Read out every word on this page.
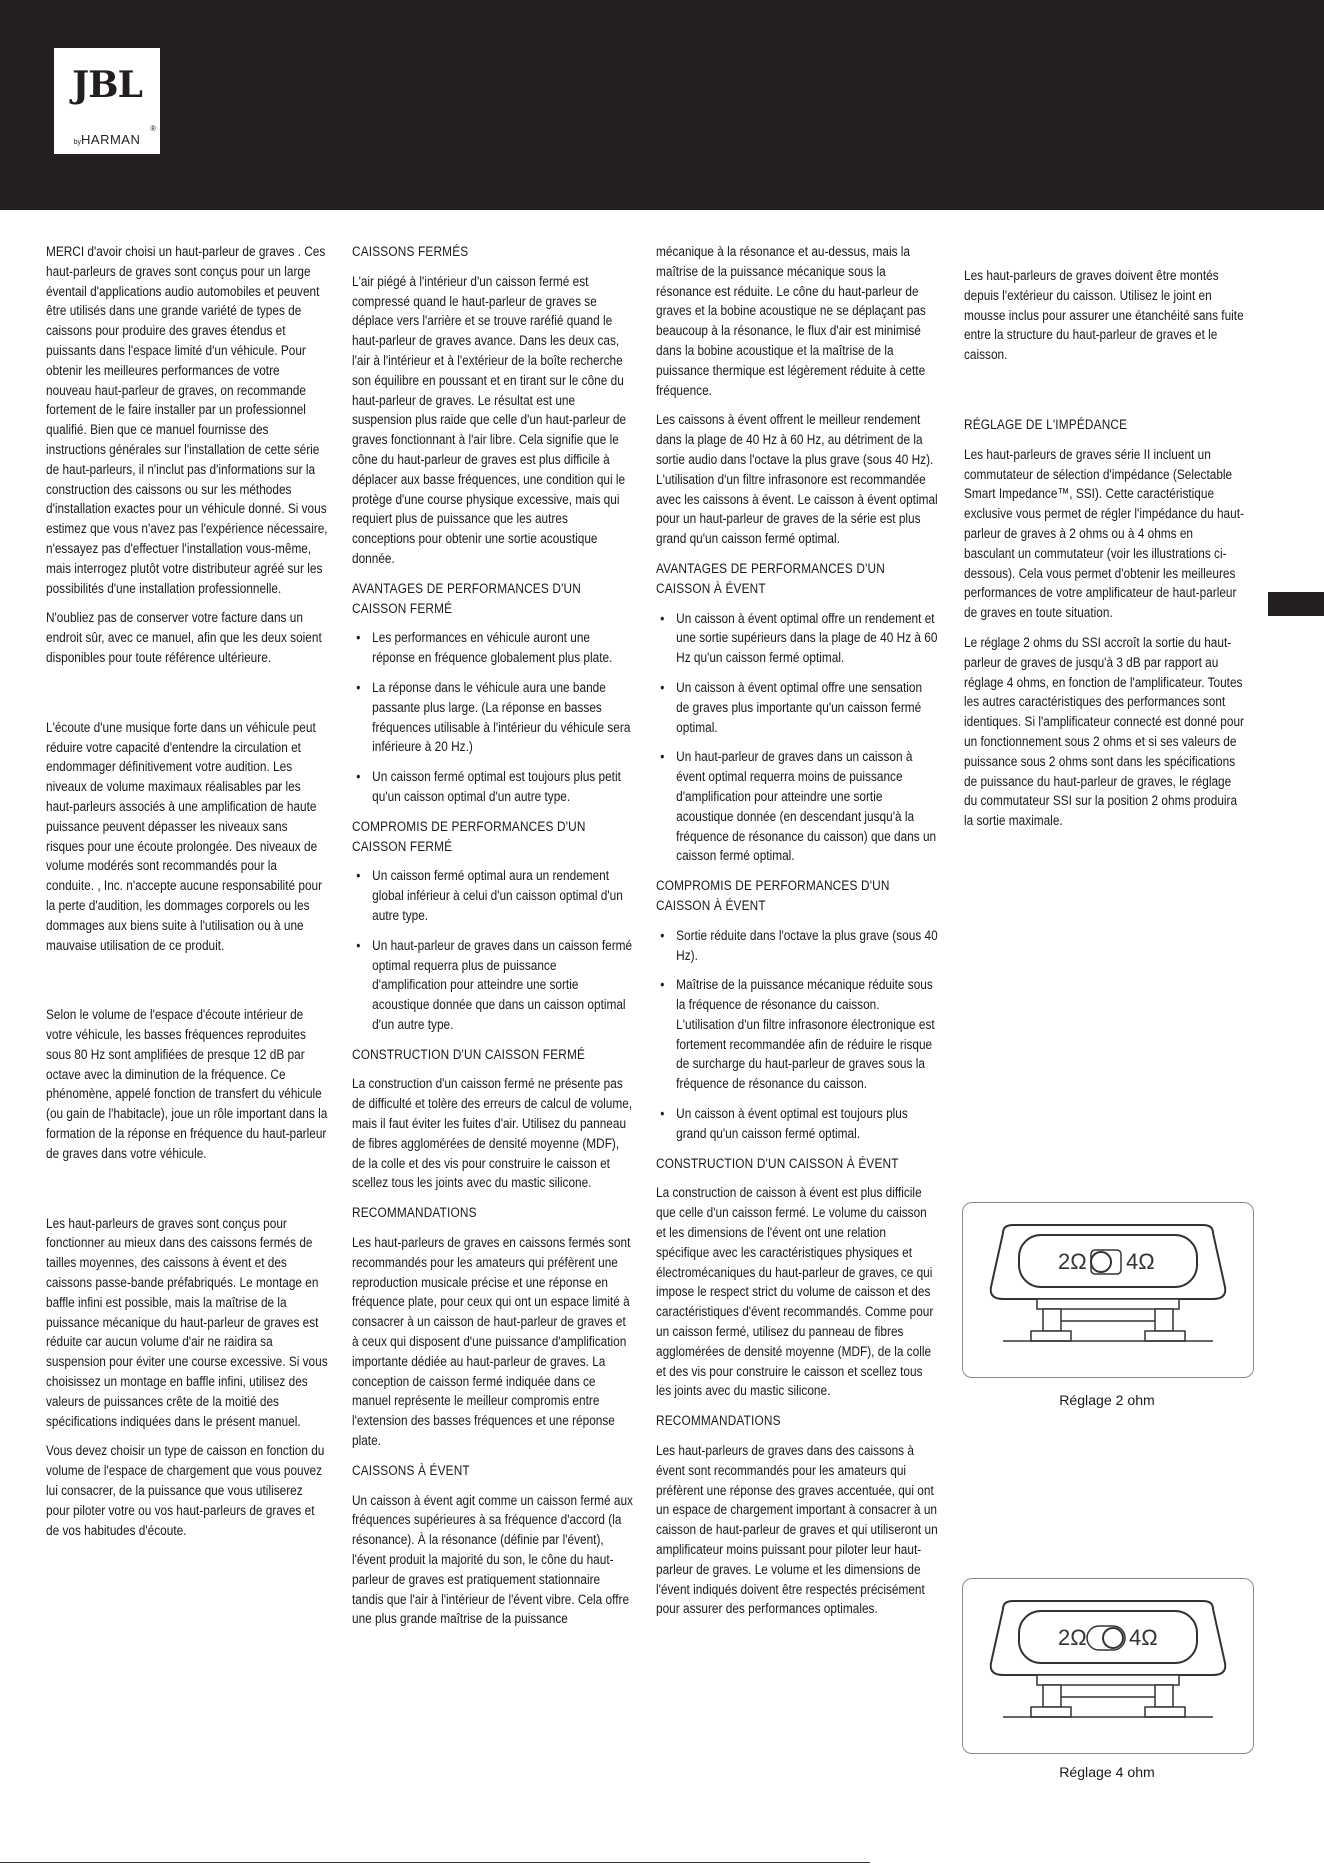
JBL
®
byHARMAN

MERCI d'avoir choisi un haut-parleur de graves . Ces haut-parleurs de graves sont conçus pour un large éventail d'applications audio automobiles et peuvent être utilisés dans une grande variété de types de caissons pour produire des graves étendus et puissants dans l'espace limité d'un véhicule. Pour obtenir les meilleures performances de votre nouveau haut-parleur de graves, on recommande fortement de le faire installer par un professionnel qualifié. Bien que ce manuel fournisse des instructions générales sur l'installation de cette série de haut-parleurs, il n'inclut pas d'informations sur la construction des caissons ou sur les méthodes d'installation exactes pour un véhicule donné. Si vous estimez que vous n'avez pas l'expérience nécessaire, n'essayez pas d'effectuer l'installation vous-même, mais interrogez plutôt votre distributeur agréé sur les possibilités d'une installation professionnelle.

N'oubliez pas de conserver votre facture dans un endroit sûr, avec ce manuel, afin que les deux soient disponibles pour toute référence ultérieure.

L'écoute d'une musique forte dans un véhicule peut réduire votre capacité d'entendre la circulation et endommager définitivement votre audition. Les niveaux de volume maximaux réalisables par les haut-parleurs associés à une amplification de haute puissance peuvent dépasser les niveaux sans risques pour une écoute prolongée. Des niveaux de volume modérés sont recommandés pour la conduite. , Inc. n'accepte aucune responsabilité pour la perte d'audition, les dommages corporels ou les dommages aux biens suite à l'utilisation ou à une mauvaise utilisation de ce produit.

Selon le volume de l'espace d'écoute intérieur de votre véhicule, les basses fréquences reproduites sous 80 Hz sont amplifiées de presque 12 dB par octave avec la diminution de la fréquence. Ce phénomène, appelé fonction de transfert du véhicule (ou gain de l'habitacle), joue un rôle important dans la formation de la réponse en fréquence du haut-parleur de graves dans votre véhicule.

Les haut-parleurs de graves sont conçus pour fonctionner au mieux dans des caissons fermés de tailles moyennes, des caissons à évent et des caissons passe-bande préfabriqués. Le montage en baffle infini est possible, mais la maîtrise de la puissance mécanique du haut-parleur de graves est réduite car aucun volume d'air ne raidira sa suspension pour éviter une course excessive. Si vous choisissez un montage en baffle infini, utilisez des valeurs de puissances crête de la moitié des spécifications indiquées dans le présent manuel.

Vous devez choisir un type de caisson en fonction du volume de l'espace de chargement que vous pouvez lui consacrer, de la puissance que vous utiliserez pour piloter votre ou vos haut-parleurs de graves et de vos habitudes d'écoute.

CAISSONS FERMÉS

L'air piégé à l'intérieur d'un caisson fermé est compressé quand le haut-parleur de graves se déplace vers l'arrière et se trouve raréfié quand le haut-parleur de graves avance. Dans les deux cas, l'air à l'intérieur et à l'extérieur de la boîte recherche son équilibre en poussant et en tirant sur le cône du haut-parleur de graves. Le résultat est une suspension plus raide que celle d'un haut-parleur de graves fonctionnant à l'air libre. Cela signifie que le cône du haut-parleur de graves est plus difficile à déplacer aux basse fréquences, une condition qui le protège d'une course physique excessive, mais qui requiert plus de puissance que les autres conceptions pour obtenir une sortie acoustique donnée.

AVANTAGES DE PERFORMANCES D'UN CAISSON FERMÉ
• Les performances en véhicule auront une réponse en fréquence globalement plus plate.
• La réponse dans le véhicule aura une bande passante plus large. (La réponse en basses fréquences utilisable à l'intérieur du véhicule sera inférieure à 20 Hz.)
• Un caisson fermé optimal est toujours plus petit qu'un caisson optimal d'un autre type.
COMPROMIS DE PERFORMANCES D'UN CAISSON FERMÉ
• Un caisson fermé optimal aura un rendement global inférieur à celui d'un caisson optimal d'un autre type.
• Un haut-parleur de graves dans un caisson fermé optimal requerra plus de puissance d'amplification pour atteindre une sortie acoustique donnée que dans un caisson optimal d'un autre type.
CONSTRUCTION D'UN CAISSON FERMÉ

La construction d'un caisson fermé ne présente pas de difficulté et tolère des erreurs de calcul de volume, mais il faut éviter les fuites d'air. Utilisez du panneau de fibres agglomérées de densité moyenne (MDF), de la colle et des vis pour construire le caisson et scellez tous les joints avec du mastic silicone.

RECOMMANDATIONS

Les haut-parleurs de graves en caissons fermés sont recommandés pour les amateurs qui préfèrent une reproduction musicale précise et une réponse en fréquence plate, pour ceux qui ont un espace limité à consacrer à un caisson de haut-parleur de graves et à ceux qui disposent d'une puissance d'amplification importante dédiée au haut-parleur de graves. La conception de caisson fermé indiquée dans ce manuel représente le meilleur compromis entre l'extension des basses fréquences et une réponse plate.

CAISSONS À ÉVENT

Un caisson à évent agit comme un caisson fermé aux fréquences supérieures à sa fréquence d'accord (la résonance). À la résonance (définie par l'évent), l'évent produit la majorité du son, le cône du haut-parleur de graves est pratiquement stationnaire tandis que l'air à l'intérieur de l'évent vibre. Cela offre une plus grande maîtrise de la puissance

mécanique à la résonance et au-dessus, mais la maîtrise de la puissance mécanique sous la résonance est réduite. Le cône du haut-parleur de graves et la bobine acoustique ne se déplaçant pas beaucoup à la résonance, le flux d'air est minimisé dans la bobine acoustique et la maîtrise de la puissance thermique est légèrement réduite à cette fréquence.

Les caissons à évent offrent le meilleur rendement dans la plage de 40 Hz à 60 Hz, au détriment de la sortie audio dans l'octave la plus grave (sous 40 Hz). L'utilisation d'un filtre infrasonore est recommandée avec les caissons à évent. Le caisson à évent optimal pour un haut-parleur de graves de la série est plus grand qu'un caisson fermé optimal.

AVANTAGES DE PERFORMANCES D'UN CAISSON À ÉVENT
• Un caisson à évent optimal offre un rendement et une sortie supérieurs dans la plage de 40 Hz à 60 Hz qu'un caisson fermé optimal.
• Un caisson à évent optimal offre une sensation de graves plus importante qu'un caisson fermé optimal.
• Un haut-parleur de graves dans un caisson à évent optimal requerra moins de puissance d'amplification pour atteindre une sortie acoustique donnée (en descendant jusqu'à la fréquence de résonance du caisson) que dans un caisson fermé optimal.
COMPROMIS DE PERFORMANCES D'UN CAISSON À ÉVENT
• Sortie réduite dans l'octave la plus grave (sous 40 Hz).
• Maîtrise de la puissance mécanique réduite sous la fréquence de résonance du caisson. L'utilisation d'un filtre infrasonore électronique est fortement recommandée afin de réduire le risque de surcharge du haut-parleur de graves sous la fréquence de résonance du caisson.
• Un caisson à évent optimal est toujours plus grand qu'un caisson fermé optimal.
CONSTRUCTION D'UN CAISSON À ÉVENT

La construction de caisson à évent est plus difficile que celle d'un caisson fermé. Le volume du caisson et les dimensions de l'évent ont une relation spécifique avec les caractéristiques physiques et électromécaniques du haut-parleur de graves, ce qui impose le respect strict du volume de caisson et des caractéristiques d'évent recommandés. Comme pour un caisson fermé, utilisez du panneau de fibres agglomérées de densité moyenne (MDF), de la colle et des vis pour construire le caisson et scellez tous les joints avec du mastic silicone.

RECOMMANDATIONS

Les haut-parleurs de graves dans des caissons à évent sont recommandés pour les amateurs qui préfèrent une réponse des graves accentuée, qui ont un espace de chargement important à consacrer à un caisson de haut-parleur de graves et qui utiliseront un amplificateur moins puissant pour piloter leur haut-parleur de graves. Le volume et les dimensions de l'évent indiqués doivent être respectés précisément pour assurer des performances optimales.

Les haut-parleurs de graves doivent être montés depuis l'extérieur du caisson. Utilisez le joint en mousse inclus pour assurer une étanchéité sans fuite entre la structure du haut-parleur de graves et le caisson.

RÉGLAGE DE L'IMPÉDANCE

Les haut-parleurs de graves série II incluent un commutateur de sélection d'impédance (Selectable Smart Impedance™, SSI). Cette caractéristique exclusive vous permet de régler l'impédance du haut-parleur de graves à 2 ohms ou à 4 ohms en basculant un commutateur (voir les illustrations ci-dessous). Cela vous permet d'obtenir les meilleures performances de votre amplificateur de haut-parleur de graves en toute situation.

Le réglage 2 ohms du SSI accroît la sortie du haut-parleur de graves de jusqu'à 3 dB par rapport au réglage 4 ohms, en fonction de l'amplificateur. Toutes les autres caractéristiques des performances sont identiques. Si l'amplificateur connecté est donné pour un fonctionnement sous 2 ohms et si ses valeurs de puissance sous 2 ohms sont dans les spécifications de puissance du haut-parleur de graves, le réglage du commutateur SSI sur la position 2 ohms produira la sortie maximale.

2Ω 4Ω
Réglage 2 ohm
2Ω 4Ω
Réglage 4 ohm
